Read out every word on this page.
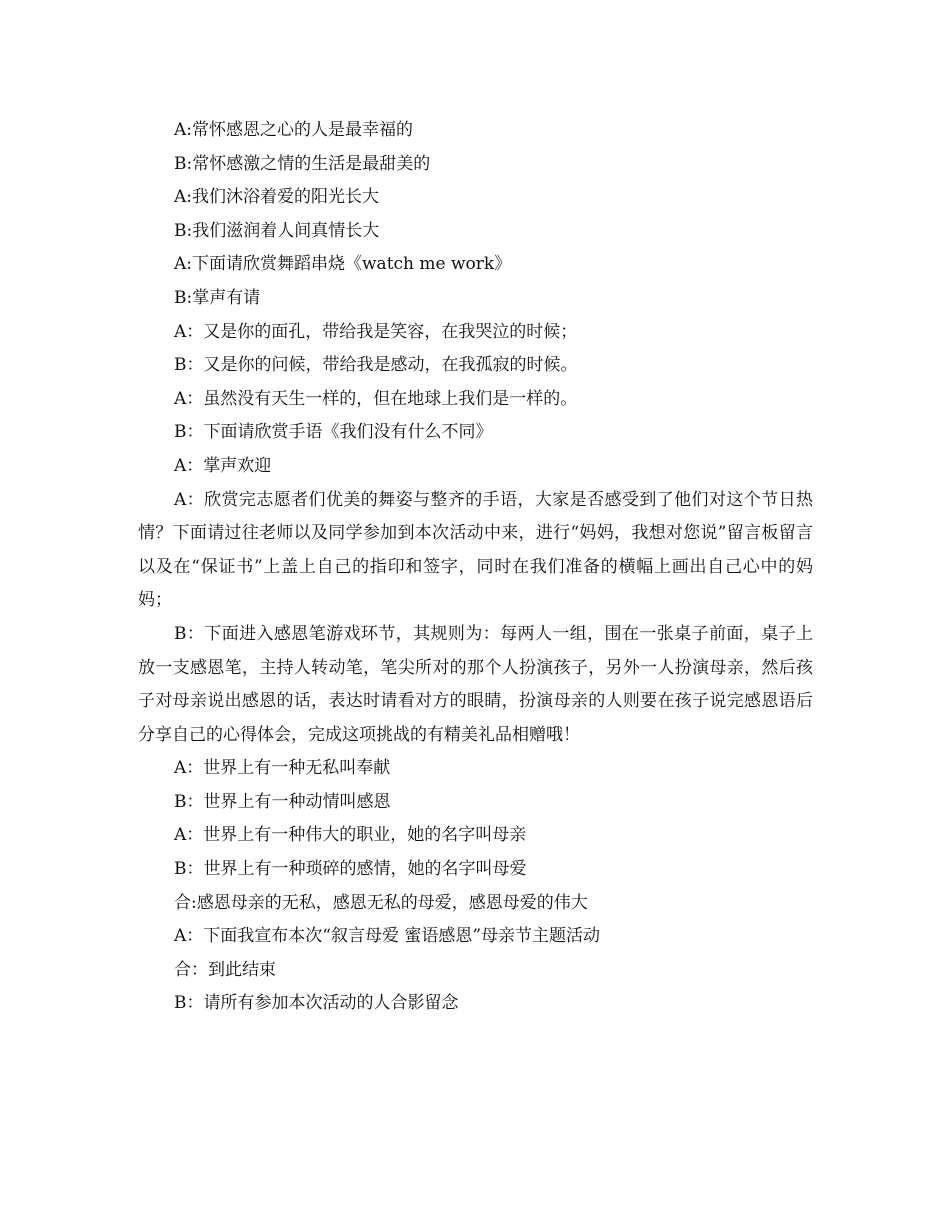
A:常怀感恩之心的人是最幸福的

B:常怀感激之情的生活是最甜美的

A:我们沐浴着爱的阳光长大

B:我们滋润着人间真情长大

A:下面请欣赏舞蹈串烧《watch me work》

B:掌声有请

A：又是你的面孔，带给我是笑容，在我哭泣的时候；

B：又是你的问候，带给我是感动，在我孤寂的时候。

A：虽然没有天生一样的，但在地球上我们是一样的。

B：下面请欣赏手语《我们没有什么不同》

A：掌声欢迎

A：欣赏完志愿者们优美的舞姿与整齐的手语，大家是否感受到了他们对这个节日热情？下面请过往老师以及同学参加到本次活动中来，进行“妈妈，我想对您说”留言板留言以及在“保证书”上盖上自己的指印和签字，同时在我们准备的横幅上画出自己心中的妈妈；

B：下面进入感恩笔游戏环节，其规则为：每两人一组，围在一张桌子前面，桌子上放一支感恩笔，主持人转动笔，笔尖所对的那个人扮演孩子，另外一人扮演母亲，然后孩子对母亲说出感恩的话，表达时请看对方的眼睛，扮演母亲的人则要在孩子说完感恩语后分享自己的心得体会，完成这项挑战的有精美礼品相赠哦！

A：世界上有一种无私叫奉献

B：世界上有一种动情叫感恩

A：世界上有一种伟大的职业，她的名字叫母亲

B：世界上有一种琐碎的感情，她的名字叫母爱

合:感恩母亲的无私，感恩无私的母爱，感恩母爱的伟大

A：下面我宣布本次“叙言母爱 蜜语感恩”母亲节主题活动

合：到此结束

B：请所有参加本次活动的人合影留念
